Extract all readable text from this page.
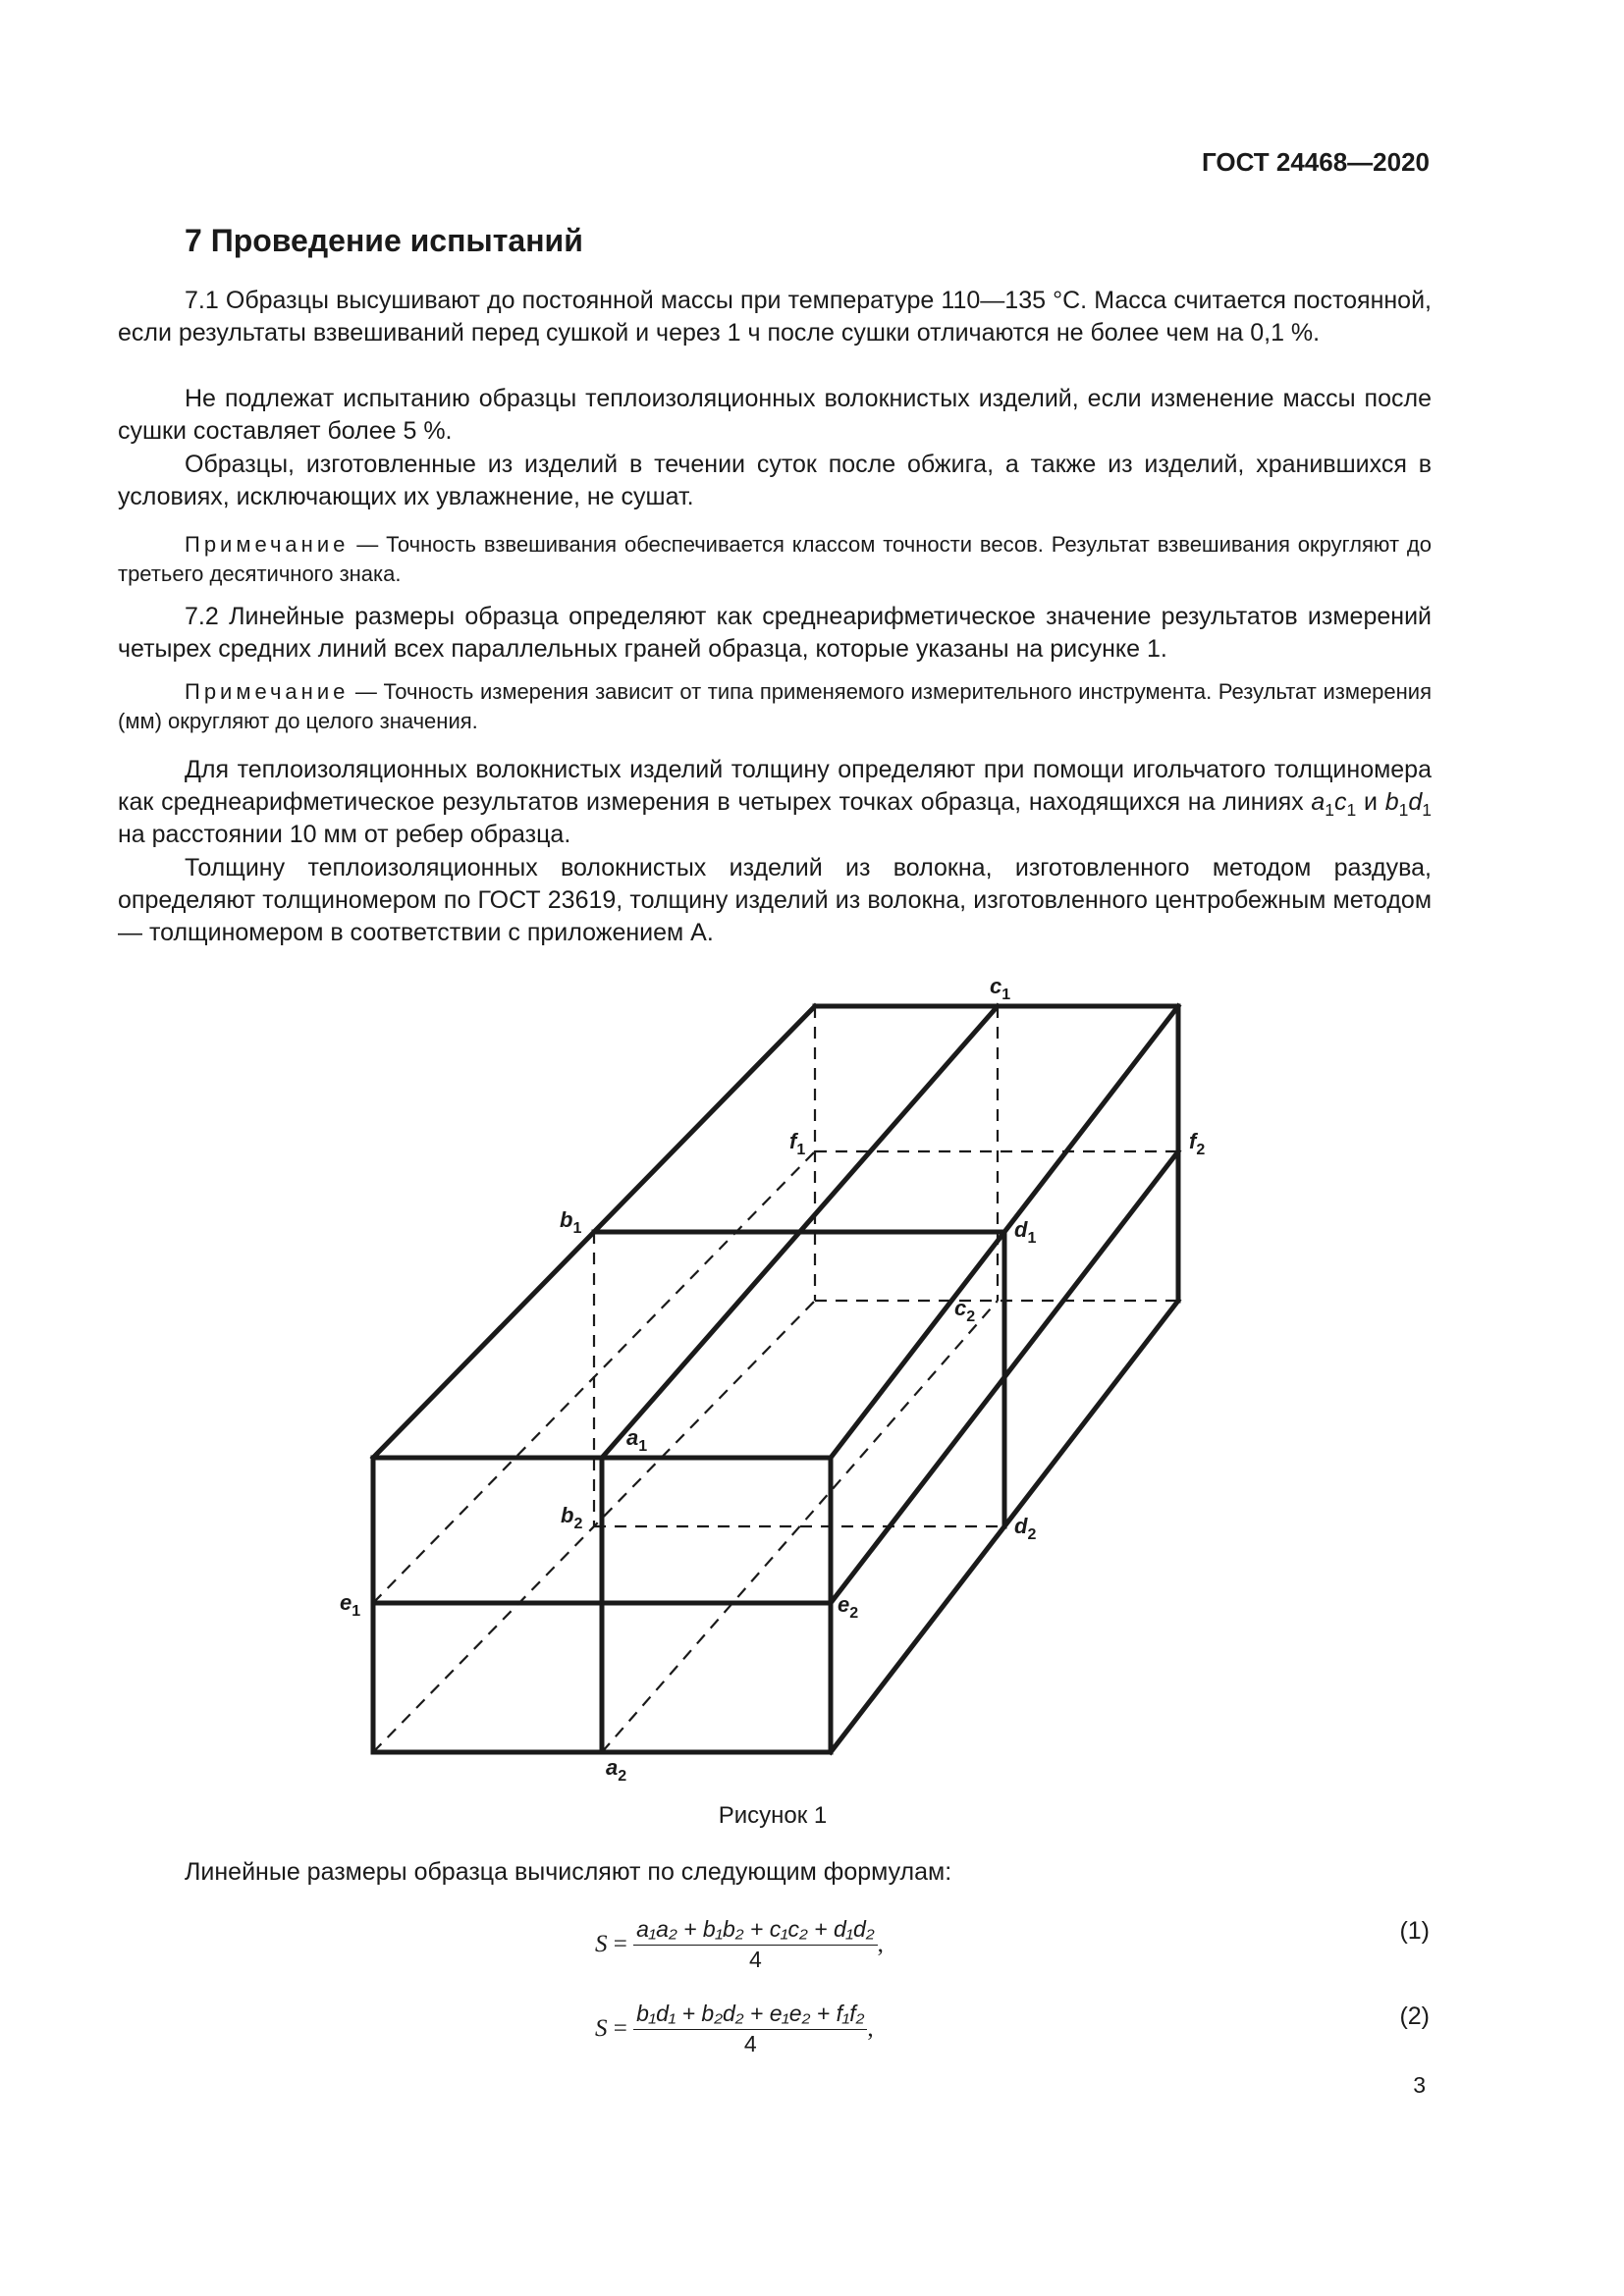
ГОСТ 24468—2020
7 Проведение испытаний

7.1 Образцы высушивают до постоянной массы при температуре 110—135 °C. Масса считается постоянной, если результаты взвешиваний перед сушкой и через 1 ч после сушки отличаются не более чем на 0,1 %.

Не подлежат испытанию образцы теплоизоляционных волокнистых изделий, если изменение массы после сушки составляет более 5 %.

Образцы, изготовленные из изделий в течении суток после обжига, а также из изделий, хранившихся в условиях, исключающих их увлажнение, не сушат.

Примечание — Точность взвешивания обеспечивается классом точности весов. Результат взвешивания округляют до третьего десятичного знака.

7.2 Линейные размеры образца определяют как среднеарифметическое значение результатов измерений четырех средних линий всех параллельных граней образца, которые указаны на рисунке 1.

Примечание — Точность измерения зависит от типа применяемого измерительного инструмента. Результат измерения (мм) округляют до целого значения.

Для теплоизоляционных волокнистых изделий толщину определяют при помощи игольчатого толщиномера как среднеарифметическое результатов измерения в четырех точках образца, находящихся на линиях $a_1c_1$ и $b_1d_1$ на расстоянии 10 мм от ребер образца.

Толщину теплоизоляционных волокнистых изделий из волокна, изготовленного методом раздува, определяют толщиномером по ГОСТ 23619, толщину изделий из волокна, изготовленного центробежным методом — толщиномером в соответствии с приложением А.

$c_1$
$f_1$	$f_2$
$b_1$	$d_1$
$c_2$
$a_1$
$b_2$	$d_2$
$e_1$	$e_2$
$a_2$
Рисунок 1
Линейные размеры образца вычисляют по следующим формулам:
$S = \frac{\text{a₁a₂ + b₁b₂ + c₁c₂ + d₁d₂}}{4}$ ,	(1)
$S = \frac{\text{b₁d₁ + b₂d₂ + e₁e₂ + f₁f₂}}{4}$ ,	(2)
3
